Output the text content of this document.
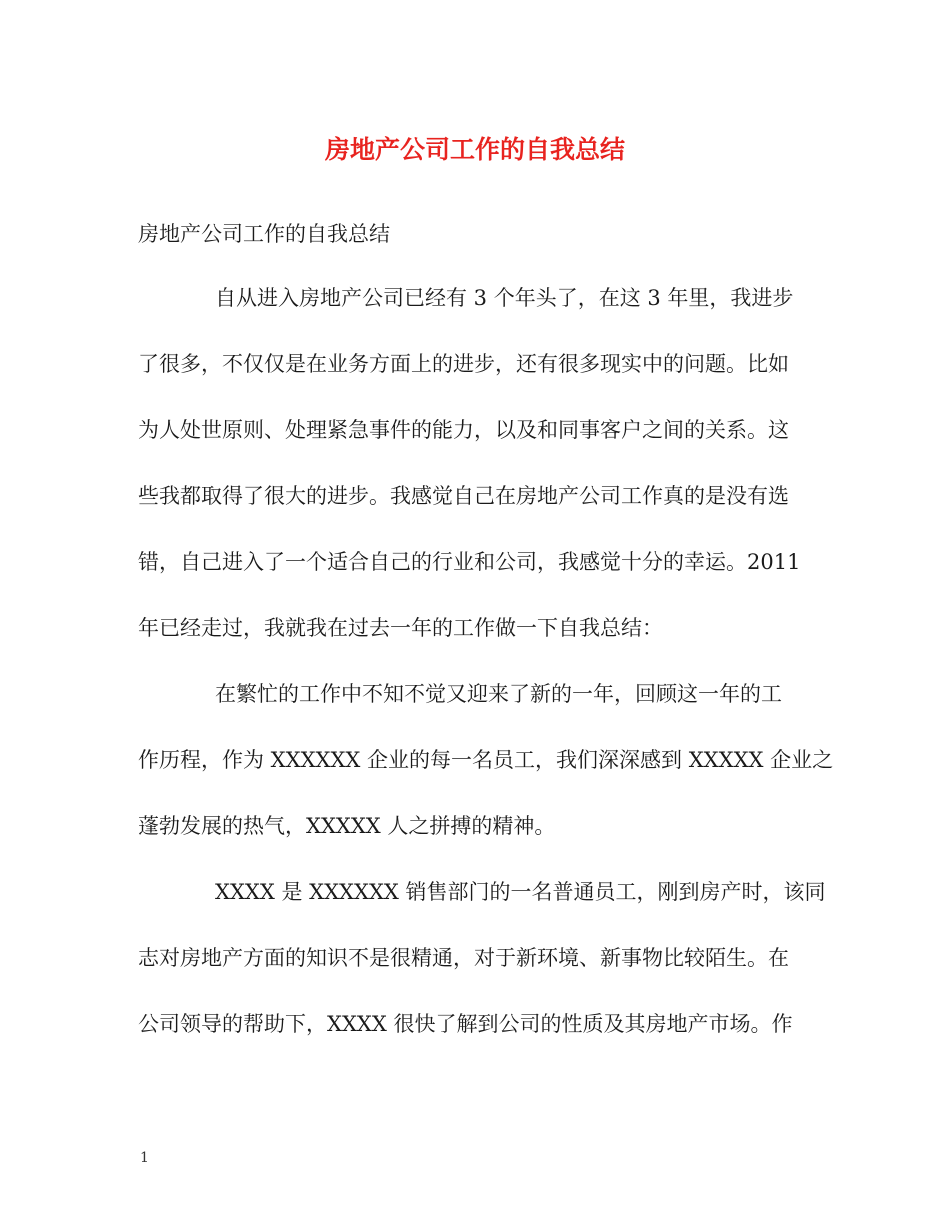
房地产公司工作的自我总结

房地产公司工作的自我总结

自从进入房地产公司已经有 3 个年头了，在这 3 年里，我进步

了很多，不仅仅是在业务方面上的进步，还有很多现实中的问题。比如

为人处世原则、处理紧急事件的能力，以及和同事客户之间的关系。这

些我都取得了很大的进步。我感觉自己在房地产公司工作真的是没有选

错，自己进入了一个适合自己的行业和公司，我感觉十分的幸运。2011

年已经走过，我就我在过去一年的工作做一下自我总结：

在繁忙的工作中不知不觉又迎来了新的一年，回顾这一年的工

作历程，作为 XXXXXX 企业的每一名员工，我们深深感到 XXXXX 企业之

蓬勃发展的热气，XXXXX 人之拼搏的精神。

XXXX 是 XXXXXX 销售部门的一名普通员工，刚到房产时，该同

志对房地产方面的知识不是很精通，对于新环境、新事物比较陌生。在

公司领导的帮助下，XXXX 很快了解到公司的性质及其房地产市场。作

1
